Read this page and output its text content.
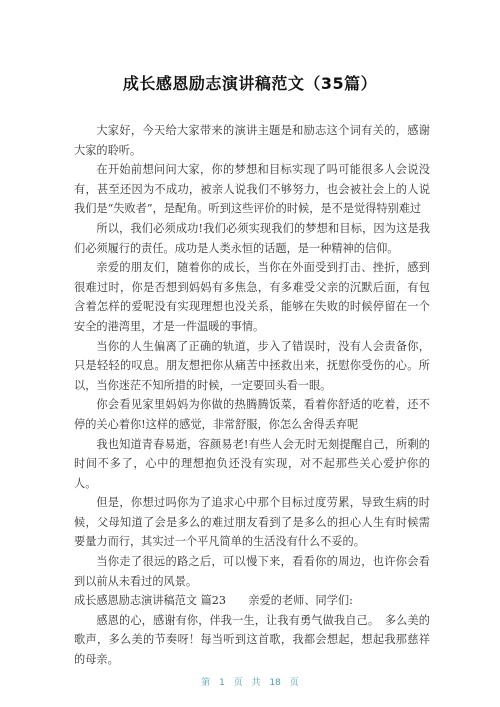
成长感恩励志演讲稿范文（35篇）

大家好，今天给大家带来的演讲主题是和励志这个词有关的，感谢大家的聆听。

在开始前想问问大家，你的梦想和目标实现了吗可能很多人会说没有，甚至还因为不成功，被亲人说我们不够努力，也会被社会上的人说我们是“失败者”，是配角。听到这些评价的时候，是不是觉得特别难过

所以，我们必须成功!我们必须实现我们的梦想和目标，因为这是我们必须履行的责任。成功是人类永恒的话题，是一种精神的信仰。

亲爱的朋友们，随着你的成长，当你在外面受到打击、挫折，感到很难过时，你是否想到妈妈有多焦急，有多难受父亲的沉默后面，有包含着怎样的爱呢没有实现理想也没关系，能够在失败的时候停留在一个安全的港湾里，才是一件温暖的事情。

当你的人生偏离了正确的轨道，步入了错误时，没有人会责备你，只是轻轻的叹息。朋友想把你从痛苦中拯救出来，抚慰你受伤的心。所以，当你迷茫不知所措的时候，一定要回头看一眼。

你会看见家里妈妈为你做的热腾腾饭菜，看着你舒适的吃着，还不停的关心着你!这样的感觉，非常舒服，你怎么舍得丢弃呢

我也知道青春易逝，容颜易老!有些人会无时无刻提醒自己，所剩的时间不多了，心中的理想抱负还没有实现，对不起那些关心爱护你的人。

但是，你想过吗你为了追求心中那个目标过度劳累，导致生病的时候，父母知道了会是多么的难过朋友看到了是多么的担心人生有时候需要量力而行，其实过一个平凡简单的生活没有什么不妥的。

当你走了很远的路之后，可以慢下来，看看你的周边，也许你会看到以前从未看过的风景。

成长感恩励志演讲稿范文 篇23　　亲爱的老师、同学们:

感恩的心，感谢有你，伴我一生，让我有勇气做我自己。　多么美的歌声，多么美的节奏呀！每当听到这首歌，我都会想起，想起我那慈祥的母亲。

第 1 页 共 18 页
